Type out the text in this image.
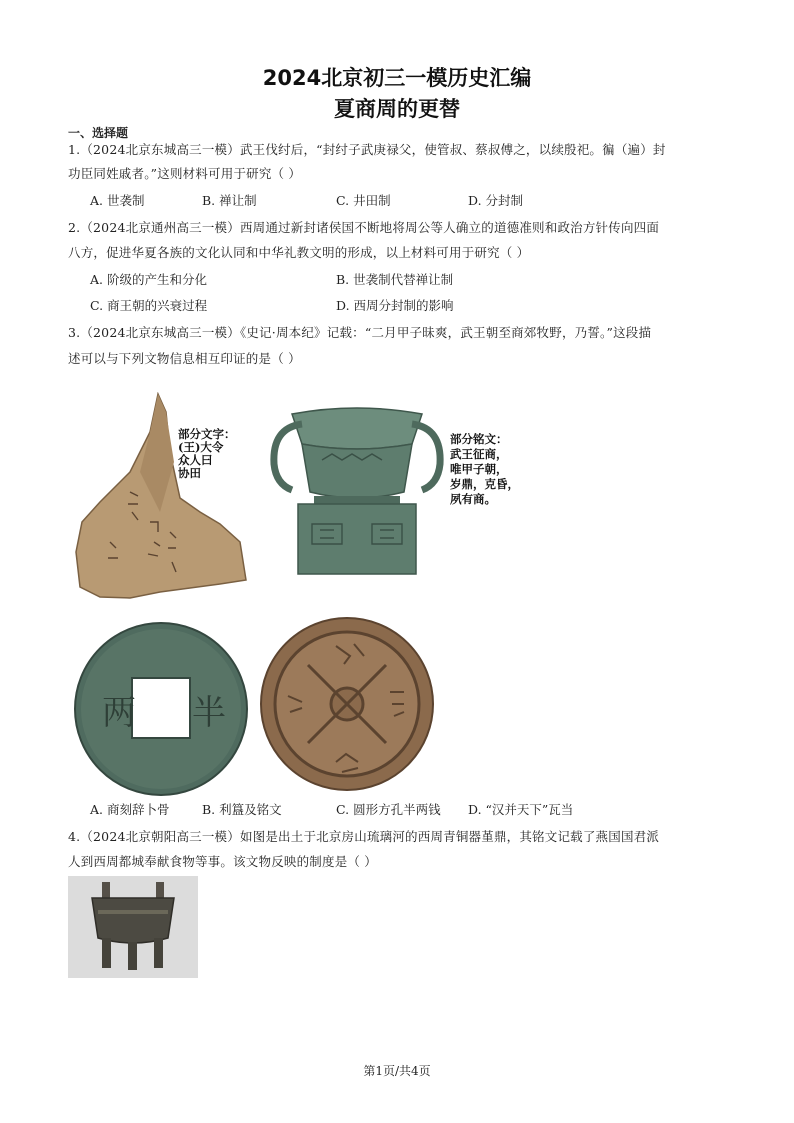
2024北京初三一模历史汇编
夏商周的更替
一、选择题
1.（2024北京东城高三一模）武王伐纣后，“封纣子武庚禄父，使管叔、蔡叔傅之，以续殷祀。徧（遍）封
功臣同姓戚者。”这则材料可用于研究（ ）
A. 世袭制	B. 禅让制	C. 井田制	D. 分封制
2.（2024北京通州高三一模）西周通过新封诸侯国不断地将周公等人确立的道德准则和政治方针传向四面
八方，促进华夏各族的文化认同和中华礼教文明的形成，以上材料可用于研究（ ）
A. 阶级的产生和分化	B. 世袭制代替禅让制
C. 商王朝的兴衰过程	D. 西周分封制的影响
3.（2024北京东城高三一模）《史记·周本纪》记载：“二月甲子昧爽，武王朝至商郊牧野，乃誓。”这段描
述可以与下列文物信息相互印证的是（ ）
部分文字：
(王)大令
众人曰
协田
部分铭文：
武王征商，
唯甲子朝，
岁鼎，克昏，
夙有商。
两 半
A. 商刻辞卜骨	B. 利簋及铭文	C. 圆形方孔半两钱 D. “汉并天下”瓦当
4.（2024北京朝阳高三一模）如图是出土于北京房山琉璃河的西周青铜器堇鼎，其铭文记载了燕国国君派
人到西周都城奉献食物等事。该文物反映的制度是（ ）
第1页/共4页
